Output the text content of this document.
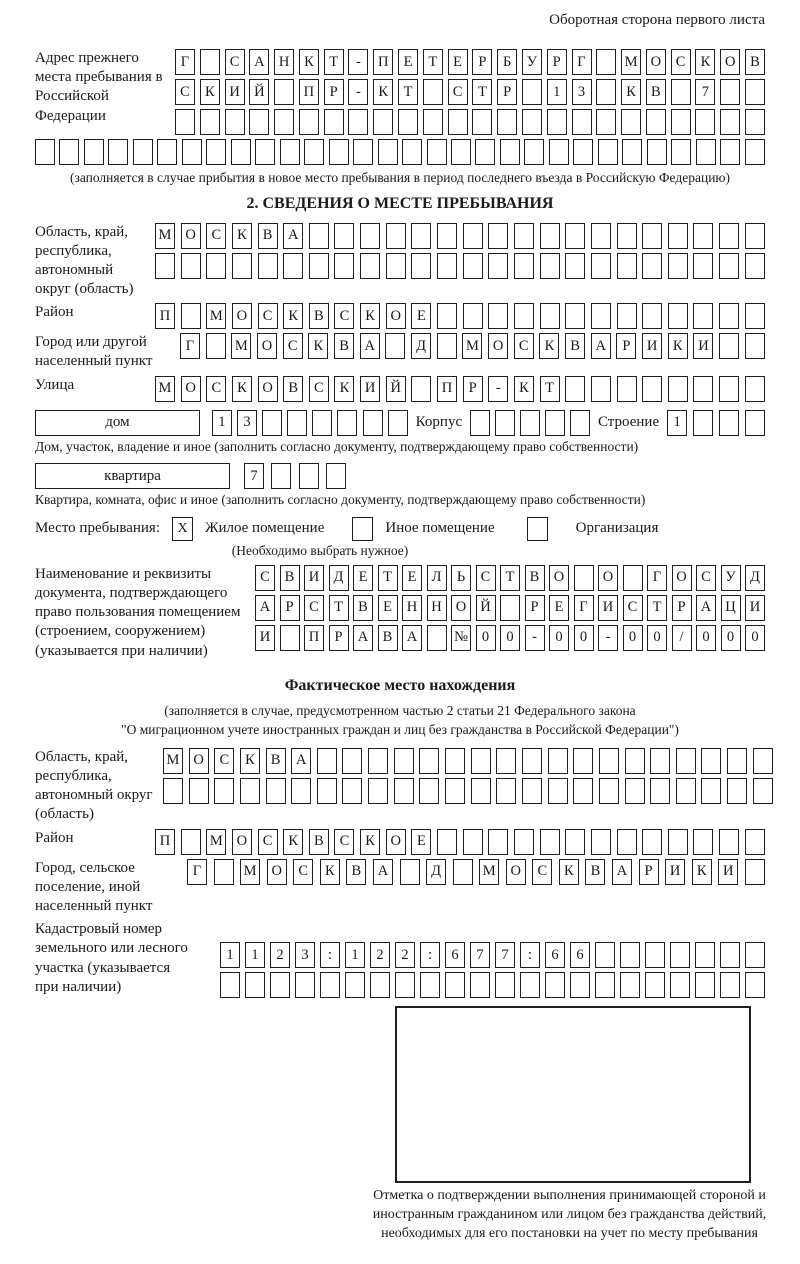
Оборотная сторона первого листа
Адрес прежнего места пребывания в Российской Федерации
Г	С	А Н	К	Т	-	П	Е	Т	Е	Р	Б	У	Р	Г	М О	С	К	О	В
С	К	И Й	П	Р	-	К	Т	С	Т	Р	1	3	К	В	7
(заполняется в случае прибытия в новое место пребывания в период последнего въезда в Российскую Федерацию)
2. СВЕДЕНИЯ О МЕСТЕ ПРЕБЫВАНИЯ
Область, край, республика, автономный округ (область)
М О	С	К	В	А
Район	П	М О	С	К	В	С	К	О	Е
Город или другой населенный пункт
Г	М О	С	К	В	А	Д	М О	С	К	В	А	Р	И	К	И
Улица	М О	С	К	О	В	С	К	И	Й	П	Р	-	К	Т
дом	1	3	Корпус	Строение 1
Дом, участок, владение и иное (заполнить согласно документу, подтверждающему право собственности)
квартира	7
Квартира, комната, офис и иное (заполнить согласно документу, подтверждающему право собственности)
Место пребывания:	X	Жилое помещение	Иное помещение	Организация
(Необходимо выбрать нужное)
Наименование и реквизиты документа, подтверждающего право пользования помещением (строением, сооружением) (указывается при наличии)
С	В И Д	Е	Т	Е	Л	Ь	С	Т	В О	О	Г	О С	У Д
А	Р	С	Т	В	Е	Н Н О Й	Р	Е	Г	И С	Т	Р	А Ц И
И	П	Р	А В А	№ 0	0	-	0	0	-	0	0	/	0	0	0
Фактическое место нахождения
(заполняется в случае, предусмотренном частью 2 статьи 21 Федерального закона
"О миграционном учете иностранных граждан и лиц без гражданства в Российской Федерации")
Область, край, республика, автономный округ (область)
М О	С	К	В	А
Район	П	М О	С	К	В	С	К	О	Е
Город, сельское поселение, иной населенный пункт
Г	М	О	С	К	В	А	Д	М	О	С	К	В	А	Р	И	К	И
Кадастровый номер земельного или лесного участка (указывается при наличии)
1	1	2	3	:	1	2	2	:	6	7	7	:	6	6
Отметка о подтверждении выполнения принимающей стороной и иностранным гражданином или лицом без гражданства действий, необходимых для его постановки на учет по месту пребывания
